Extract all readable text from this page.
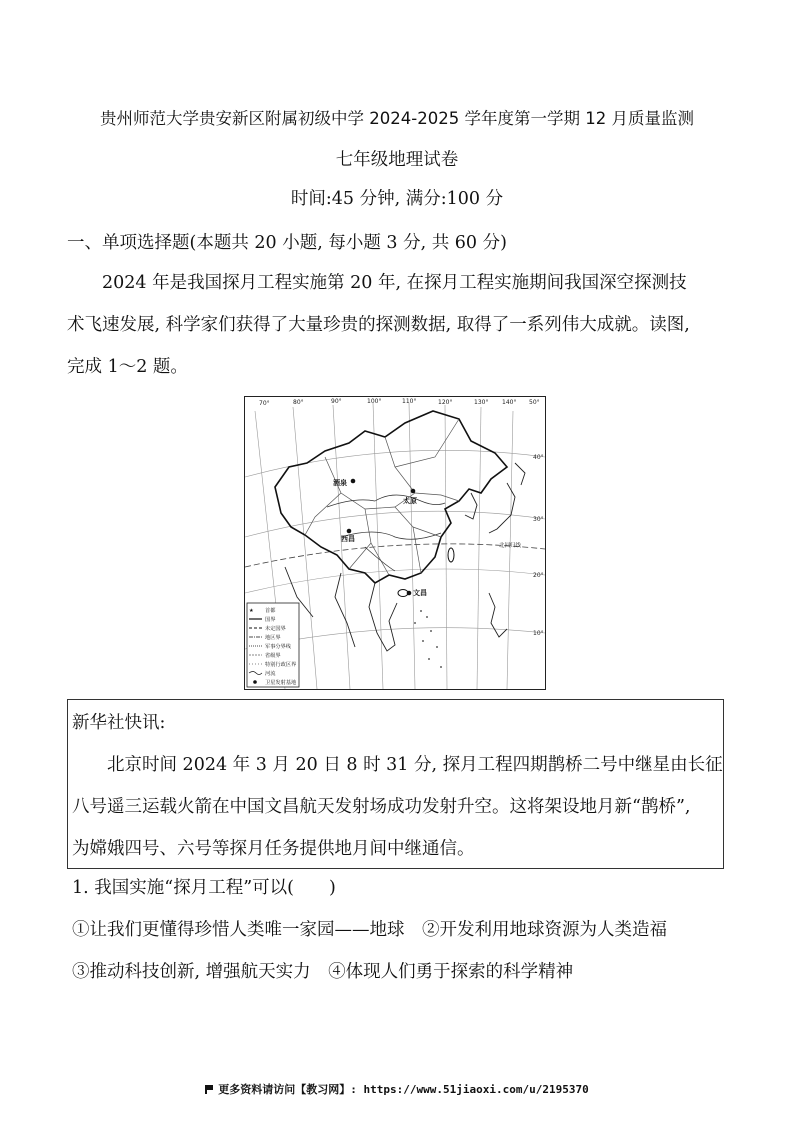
贵州师范大学贵安新区附属初级中学 2024-2025 学年度第一学期 12 月质量监测
七年级地理试卷
时间:45 分钟, 满分:100 分
一、单项选择题(本题共 20 小题, 每小题 3 分, 共 60 分)
2024 年是我国探月工程实施第 20 年, 在探月工程实施期间我国深空探测技
术飞速发展, 科学家们获得了大量珍贵的探测数据, 取得了一系列伟大成就。读图,
完成 1～2 题。
70°	80°	90°	100°	110°	120°	130° 140° 50°
40°
30°
20°
10°
北回归线
酒泉
太原
西昌
文昌
★ 首都
国界
未定国界
地区界
军事分界线
省级界
特别行政区界
河流
卫星发射基地
新华社快讯:
北京时间 2024 年 3 月 20 日 8 时 31 分, 探月工程四期鹊桥二号中继星由长征
八号遥三运载火箭在中国文昌航天发射场成功发射升空。这将架设地月新“鹊桥”,
为嫦娥四号、六号等探月任务提供地月间中继通信。
1. 我国实施“探月工程”可以(　　)
①让我们更懂得珍惜人类唯一家园——地球　②开发利用地球资源为人类造福
③推动科技创新, 增强航天实力　④体现人们勇于探索的科学精神
更多资料请访问【教习网】: https://www.51jiaoxi.com/u/2195370
